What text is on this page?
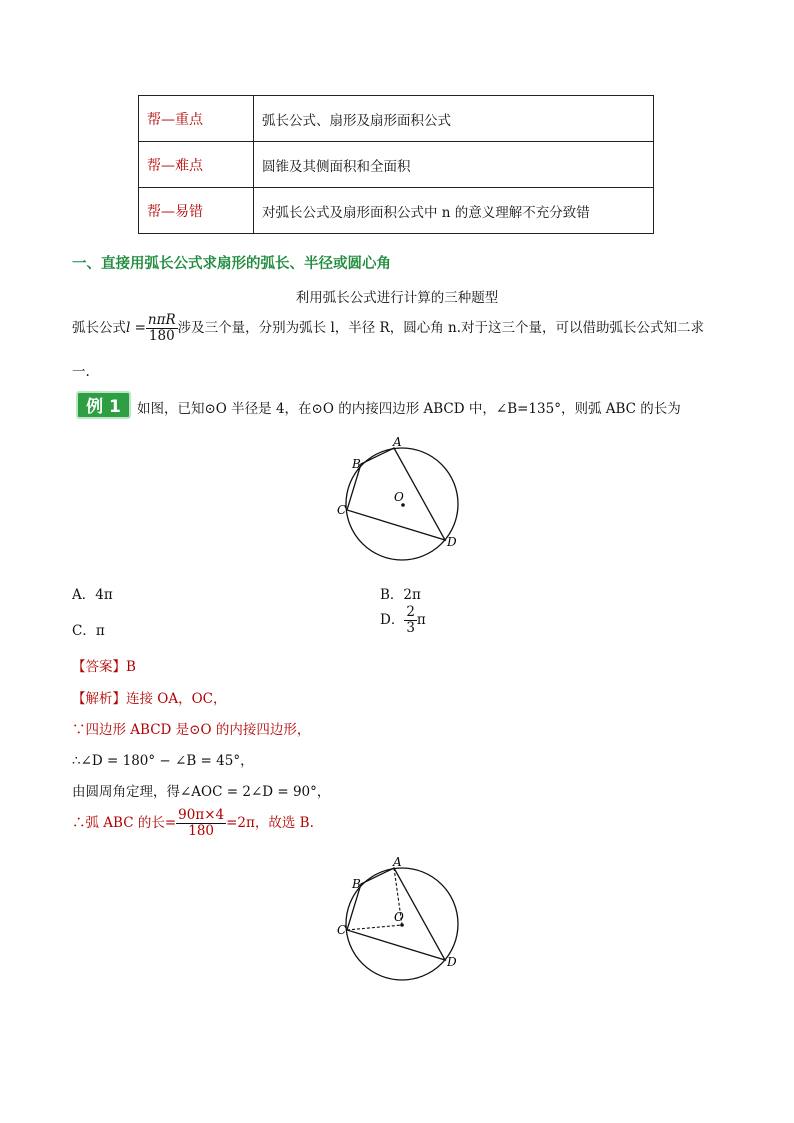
帮—重点	弧长公式、扇形及扇形面积公式
帮—难点	圆锥及其侧面积和全面积
帮—易错	对弧长公式及扇形面积公式中 n 的意义理解不充分致错
一、直接用弧长公式求扇形的弧长、半径或圆心角
利用弧长公式进行计算的三种题型
弧长公式$l = \frac{\text{nπR}}{180}$ 涉及三个量，分别为弧长 l，半径 R，圆心角 n.对于这三个量，可以借助弧长公式知二求
一.
例 1	如图，已知⊙O 半径是 4，在⊙O 的内接四边形 ABCD 中，∠B=135°，则弧 ABC 的长为
A
B
C
D
O
A．4π	B．2π
C．π
D． $\frac{2}{3}$ π
【答案】B
【解析】连接 OA，OC，
∵四边形 ABCD 是⊙O 的内接四边形，
∴∠D = 180° − ∠B = 45°，
由圆周角定理，得∠AOC = 2∠D = 90°，
∴弧 ABC 的长= $\frac{90\pi\times 4}{180} =2\pi$，故选 B.
A
B
C
D
O
